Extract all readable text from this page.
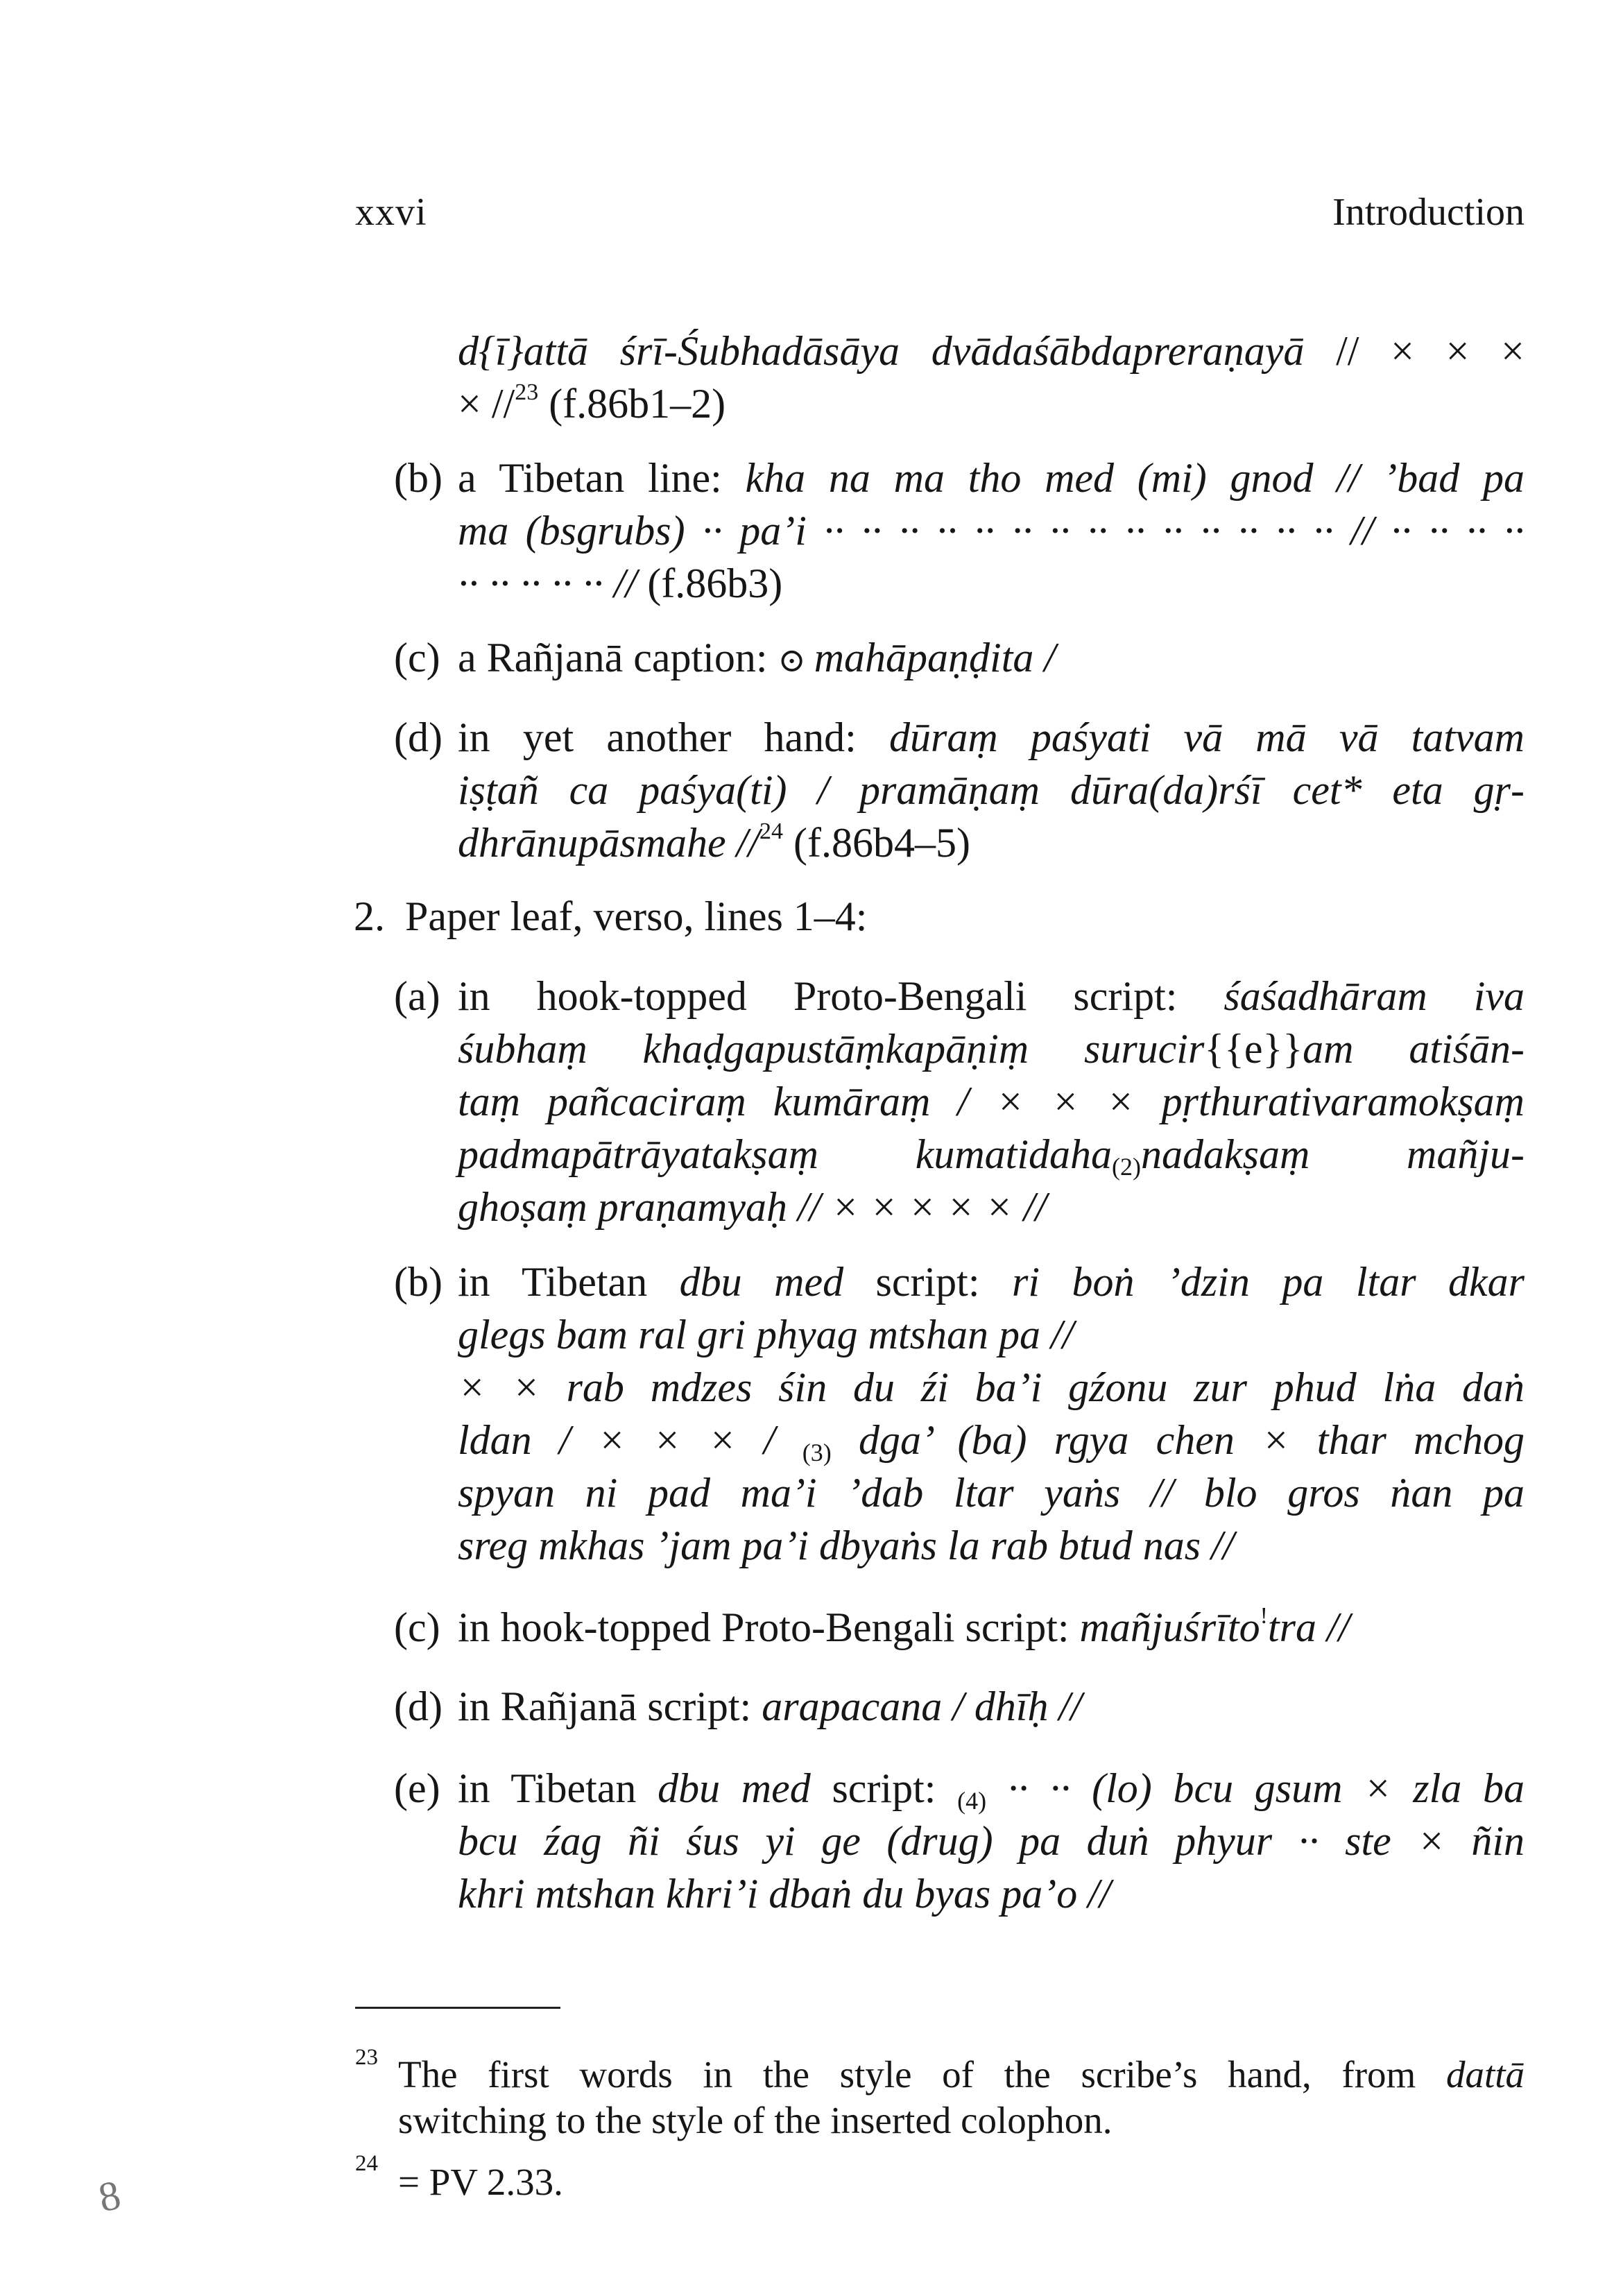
xxvi	Introduction
d{ī}attā śrī-Śubhadāsāya dvādaśābdapreraṇayā // × × ×
× //$^{23}$ (f.86b1–2)
(b) a Tibetan line: kha na ma tho med (mi) gnod // ’bad pa
ma (bsgrubs) ·· pa’i ·· ·· ·· ·· ·· ·· ·· ·· ·· ·· ·· ·· ·· ·· // ·· ·· ·· ··
·· ·· ·· ·· ·· // (f.86b3)
(c) a Rañjanā caption: ⊙ mahāpaṇḍita /
(d) in yet another hand: dūraṃ paśyati vā mā vā tatvam
iṣṭañ ca paśya(ti) / pramāṇaṃ dūra(da)rśī cet* eta gṛ-
dhrānupāsmahe //$^{24}$ (f.86b4–5)
2. Paper leaf, verso, lines 1–4:
(a) in hook-topped Proto-Bengali script: śaśadhāram iva
śubhaṃ khaḍgapustāṃkapāṇiṃ surucir{{e}}am atiśān-
taṃ pañcaciraṃ kumāraṃ / × × × pṛthurativaramokṣaṃ
padmapātrāyatakṣaṃ kumatidaha$_{(2)}$nadakṣaṃ mañju-
ghoṣaṃ praṇamyaḥ // × × × × × //
(b) in Tibetan dbu med script: ri boṅ ’dzin pa ltar dkar
glegs bam ral gri phyag mtshan pa //
× × rab mdzes śin du źi ba’i gźonu zur phud lṅa daṅ
ldan / × × × / $_{(3)}$ dga’ (ba) rgya chen × thar mchog
spyan ni pad ma’i ’dab ltar yaṅs // blo gros ṅan pa
sreg mkhas ’jam pa’i dbyaṅs la rab btud nas //
(c) in hook-topped Proto-Bengali script: mañjuśrīto!tra //
(d) in Rañjanā script: arapacana / dhīḥ //
(e) in Tibetan dbu med script: $_{(4)}$ ·· ·· (lo) bcu gsum × zla ba
bcu źag ñi śus yi ge (drug) pa duṅ phyur ·· ste × ñin
khri mtshan khri’i dbaṅ du byas pa’o //
23 The first words in the style of the scribe’s hand, from dattā
switching to the style of the inserted colophon.
24 = PV 2.33.
8
